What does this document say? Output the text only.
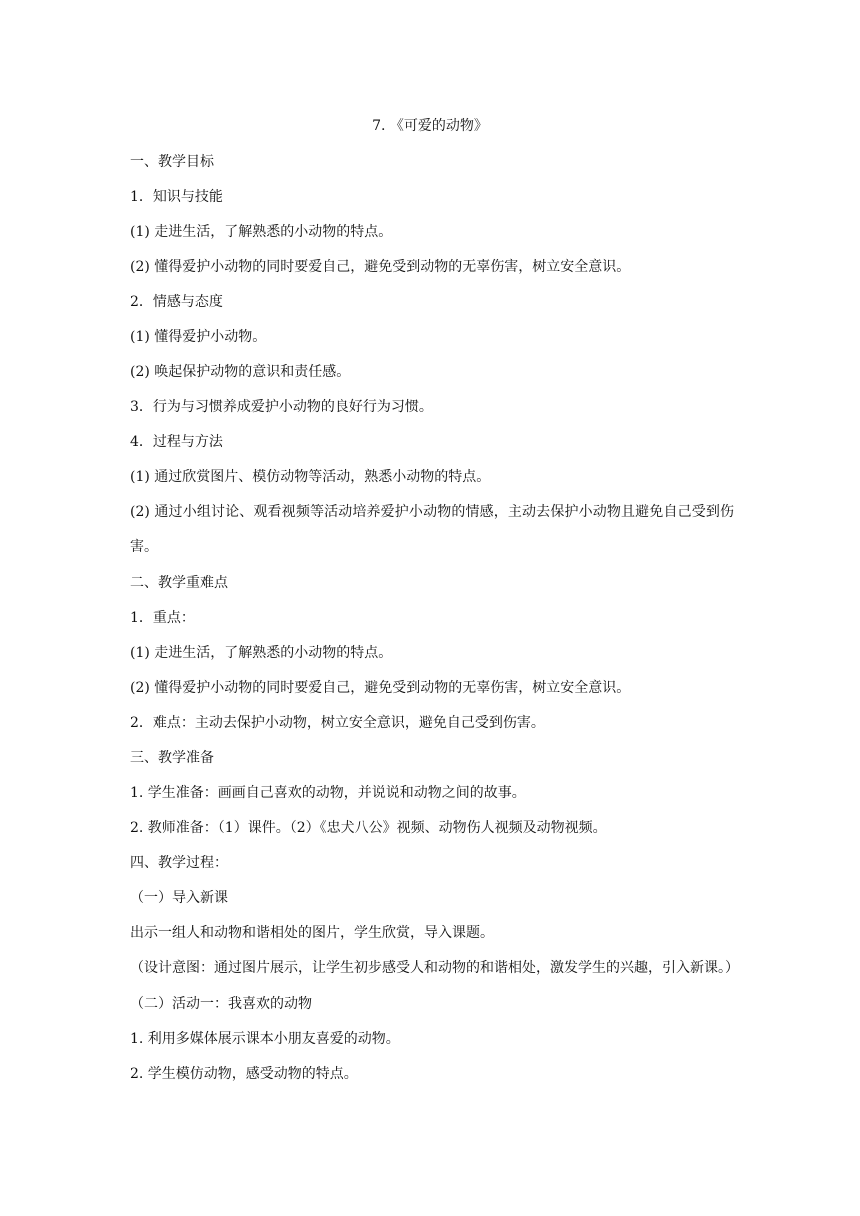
7. 《可爱的动物》
一、教学目标
1．知识与技能
(1) 走进生活，了解熟悉的小动物的特点。
(2) 懂得爱护小动物的同时要爱自己，避免受到动物的无辜伤害，树立安全意识。
2．情感与态度
(1) 懂得爱护小动物。
(2) 唤起保护动物的意识和责任感。
3．行为与习惯养成爱护小动物的良好行为习惯。
4．过程与方法
(1) 通过欣赏图片、模仿动物等活动，熟悉小动物的特点。
(2) 通过小组讨论、观看视频等活动培养爱护小动物的情感，主动去保护小动物且避免自己受到伤害。
二、教学重难点
1．重点：
(1) 走进生活，了解熟悉的小动物的特点。
(2) 懂得爱护小动物的同时要爱自己，避免受到动物的无辜伤害，树立安全意识。
2．难点：主动去保护小动物，树立安全意识，避免自己受到伤害。
三、教学准备
1. 学生准备：画画自己喜欢的动物，并说说和动物之间的故事。
2. 教师准备：（1）课件。（2）《忠犬八公》视频、动物伤人视频及动物视频。
四、教学过程：
（一）导入新课
出示一组人和动物和谐相处的图片，学生欣赏，导入课题。
（设计意图：通过图片展示，让学生初步感受人和动物的和谐相处，激发学生的兴趣，引入新课。）
（二）活动一：我喜欢的动物
1. 利用多媒体展示课本小朋友喜爱的动物。
2. 学生模仿动物，感受动物的特点。
